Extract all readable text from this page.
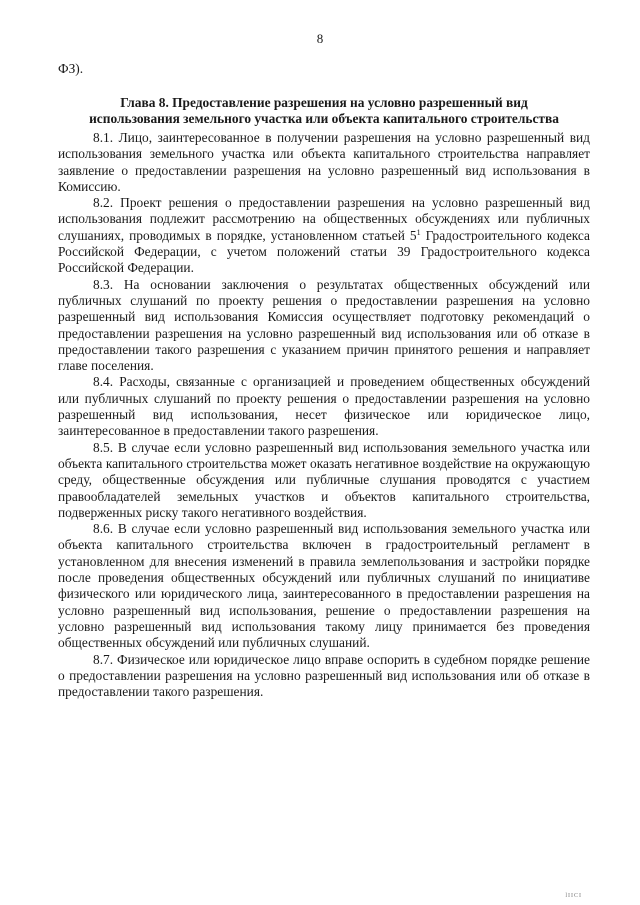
8

ФЗ).

Глава 8. Предоставление разрешения на условно разрешенный вид
использования земельного участка или объекта капитального строительства

8.1. Лицо, заинтересованное в получении разрешения на условно разрешенный вид использования земельного участка или объекта капитального строительства направляет заявление о предоставлении разрешения на условно разрешенный вид использования в Комиссию.

8.2. Проект решения о предоставлении разрешения на условно разрешенный вид использования подлежит рассмотрению на общественных обсуждениях или публичных слушаниях, проводимых в порядке, установленном статьей $5^1$ Градостроительного кодекса Российской Федерации, с учетом положений статьи 39 Градостроительного кодекса Российской Федерации.

8.3. На основании заключения о результатах общественных обсуждений или публичных слушаний по проекту решения о предоставлении разрешения на условно разрешенный вид использования Комиссия осуществляет подготовку рекомендаций о предоставлении разрешения на условно разрешенный вид использования или об отказе в предоставлении такого разрешения с указанием причин принятого решения и направляет главе поселения.

8.4. Расходы, связанные с организацией и проведением общественных обсуждений или публичных слушаний по проекту решения о предоставлении разрешения на условно разрешенный вид использования, несет физическое или юридическое лицо, заинтересованное в предоставлении такого разрешения.

8.5. В случае если условно разрешенный вид использования земельного участка или объекта капитального строительства может оказать негативное воздействие на окружающую среду, общественные обсуждения или публичные слушания проводятся с участием правообладателей земельных участков и объектов капитального строительства, подверженных риску такого негативного воздействия.

8.6. В случае если условно разрешенный вид использования земельного участка или объекта капитального строительства включен в градостроительный регламент в установленном для внесения изменений в правила землепользования и застройки порядке после проведения общественных обсуждений или публичных слушаний по инициативе физического или юридического лица, заинтересованного в предоставлении разрешения на условно разрешенный вид использования, решение о предоставлении разрешения на условно разрешенный вид использования такому лицу принимается без проведения общественных обсуждений или публичных слушаний.

8.7. Физическое или юридическое лицо вправе оспорить в судебном порядке решение о предоставлении разрешения на условно разрешенный вид использования или об отказе в предоставлении такого разрешения.

lIICI
